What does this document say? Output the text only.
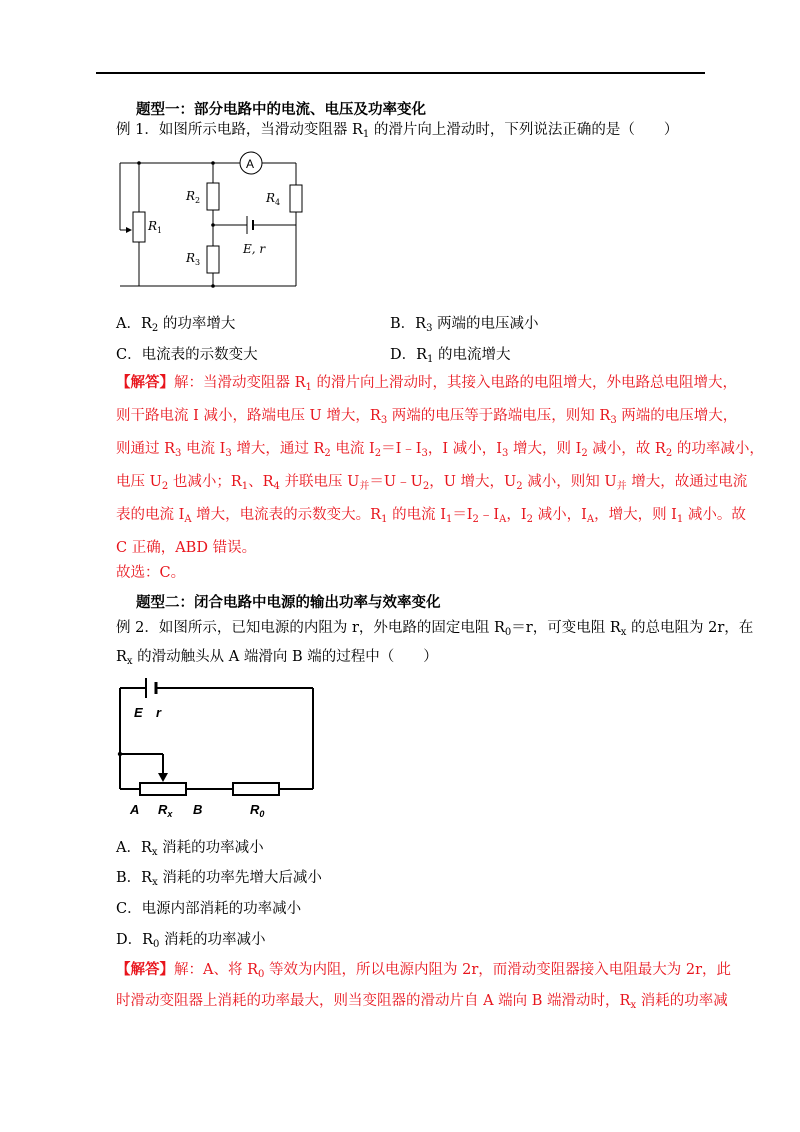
题型一：部分电路中的电流、电压及功率变化
例 1．如图所示电路，当滑动变阻器 $R_1$ 的滑片向上滑动时，下列说法正确的是（　　）
A
$R_1$
$R_2$
$R_3$
$R_4$
E, r
A．$R_2$ 的功率增大	B．$R_3$ 两端的电压减小
C．电流表的示数变大	D．$R_1$ 的电流增大
【解答】解：当滑动变阻器 $R_1$ 的滑片向上滑动时，其接入电路的电阻增大，外电路总电阻增大，
则干路电流 I 减小，路端电压 U 增大，$R_3$ 两端的电压等于路端电压，则知 $R_3$ 两端的电压增大，
则通过 $R_3$ 电流 $I_3$ 增大，通过 $R_2$ 电流 $I_2=I﹣I_3$，I 减小，$I_3$ 增大，则 $I_2$ 减小，故 $R_2$ 的功率减小，
电压 $U_2$ 也减小；$R_1$、$R_4$ 并联电压 $U_并=U﹣U_2$，U 增大，$U_2$ 减小，则知 $U_并$ 增大，故通过电流
表的电流 $I_A$ 增大，电流表的示数变大。$R_1$ 的电流 $I_1=I_2﹣I_A$，$I_2$ 减小，$I_A$，增大，则 $I_1$ 减小。故
C 正确，ABD 错误。
故选：C。
题型二：闭合电路中电源的输出功率与效率变化
例 2．如图所示，已知电源的内阻为 r，外电路的固定电阻 $R_0=r$，可变电阻 $R_x$ 的总电阻为 2r，在
$R_x$ 的滑动触头从 A 端滑向 B 端的过程中（　　）
E r
A $R_x$ B	$R_0$
A．$R_x$ 消耗的功率减小
B．$R_x$ 消耗的功率先增大后减小
C．电源内部消耗的功率减小
D．$R_0$ 消耗的功率减小
【解答】解：A、将 $R_0$ 等效为内阻，所以电源内阻为 2r，而滑动变阻器接入电阻最大为 2r，此
时滑动变阻器上消耗的功率最大，则当变阻器的滑动片自 A 端向 B 端滑动时，$R_x$ 消耗的功率减
